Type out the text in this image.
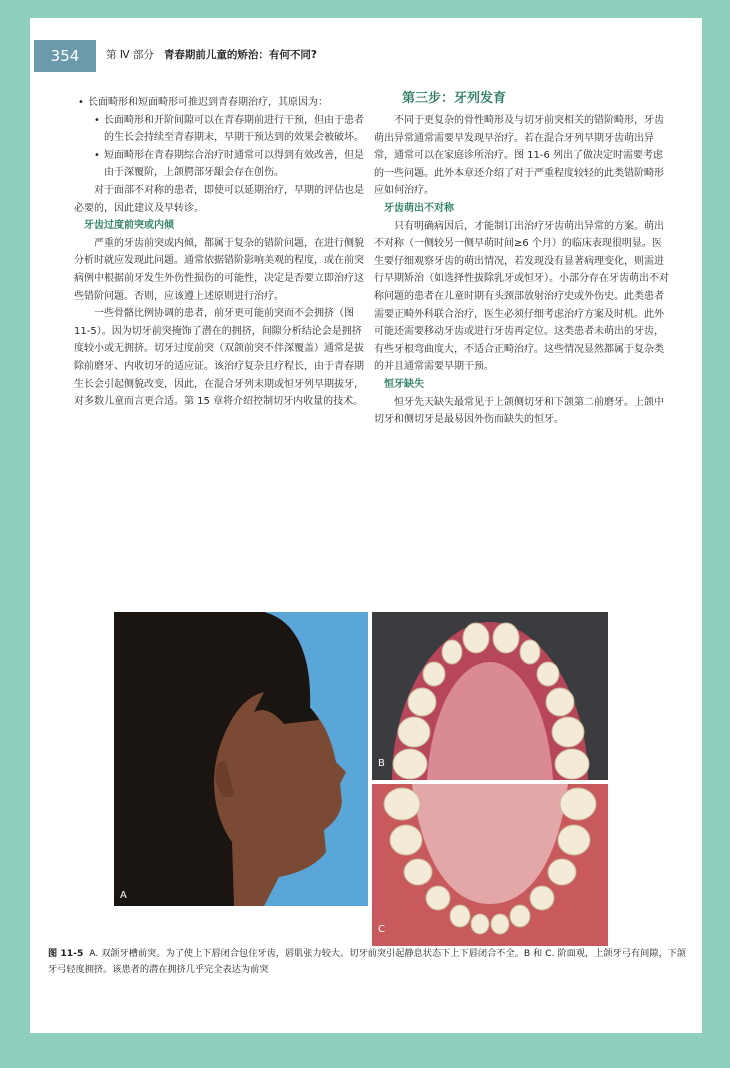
354	第 Ⅳ 部分 青春期前儿童的矫治：有何不同?

• 长面畸形和短面畸形可推迟到青春期治疗，其原因为：

• 长面畸形和开阶间隙可以在青春期前进行干预，但由于患者的生长会持续至青春期末，早期干预达到的效果会被破坏。

• 短面畸形在青春期综合治疗时通常可以得到有效改善，但是由于深覆阶，上颌腭部牙龈会存在创伤。

对于面部不对称的患者，即使可以延期治疗，早期的评估也是必要的，因此建议及早转诊。

牙齿过度前突或内倾

严重的牙齿前突或内倾，都属于复杂的错阶问题，在进行侧貌分析时就应发现此问题。通常依据错阶影响美观的程度，或在前突病例中根据前牙发生外伤性损伤的可能性，决定是否要立即治疗这些错阶问题。否则，应该遵上述原则进行治疗。

一些骨骼比例协调的患者，前牙更可能前突而不会拥挤（图 11-5）。因为切牙前突掩饰了潜在的拥挤，间隙分析结论会是拥挤度较小或无拥挤。切牙过度前突（双颌前突不伴深覆盖）通常是拔除前磨牙、内收切牙的适应证。该治疗复杂且疗程长，由于青春期生长会引起侧貌改变，因此，在混合牙列末期或恒牙列早期拔牙，对多数儿童而言更合适。第 15 章将介绍控制切牙内收量的技术。

第三步：牙列发育

不同于更复杂的骨性畸形及与切牙前突相关的错阶畸形，牙齿萌出异常通常需要早发现早治疗。若在混合牙列早期牙齿萌出异常，通常可以在家庭诊所治疗。图 11-6 列出了做决定时需要考虑的一些问题。此外本章还介绍了对于严重程度较轻的此类错阶畸形应如何治疗。

牙齿萌出不对称

只有明确病因后，才能制订出治疗牙齿萌出异常的方案。萌出不对称（一侧较另一侧早萌时间≥6 个月）的临床表现很明显。医生要仔细观察牙齿的萌出情况，若发现没有显著病理变化，则需进行早期矫治（如选择性拔除乳牙或恒牙）。小部分存在牙齿萌出不对称问题的患者在儿童时期有头颈部放射治疗史或外伤史。此类患者需要正畸外科联合治疗，医生必须仔细考虑治疗方案及时机。此外可能还需要移动牙齿或进行牙齿再定位。这类患者未萌出的牙齿，有些牙根弯曲度大，不适合正畸治疗。这些情况显然都属于复杂类的并且通常需要早期干预。

恒牙缺失

恒牙先天缺失最常见于上颌侧切牙和下颌第二前磨牙。上颌中切牙和侧切牙是最易因外伤而缺失的恒牙。

A
B
C
图 11-5 A. 双颌牙槽前突。为了使上下唇闭合包住牙齿，唇肌张力较大。切牙前突引起静息状态下上下唇闭合不全。B 和 C. 阶面观，上颌牙弓有间隙，下颌牙弓轻度拥挤。该患者的潜在拥挤几乎完全表达为前突
